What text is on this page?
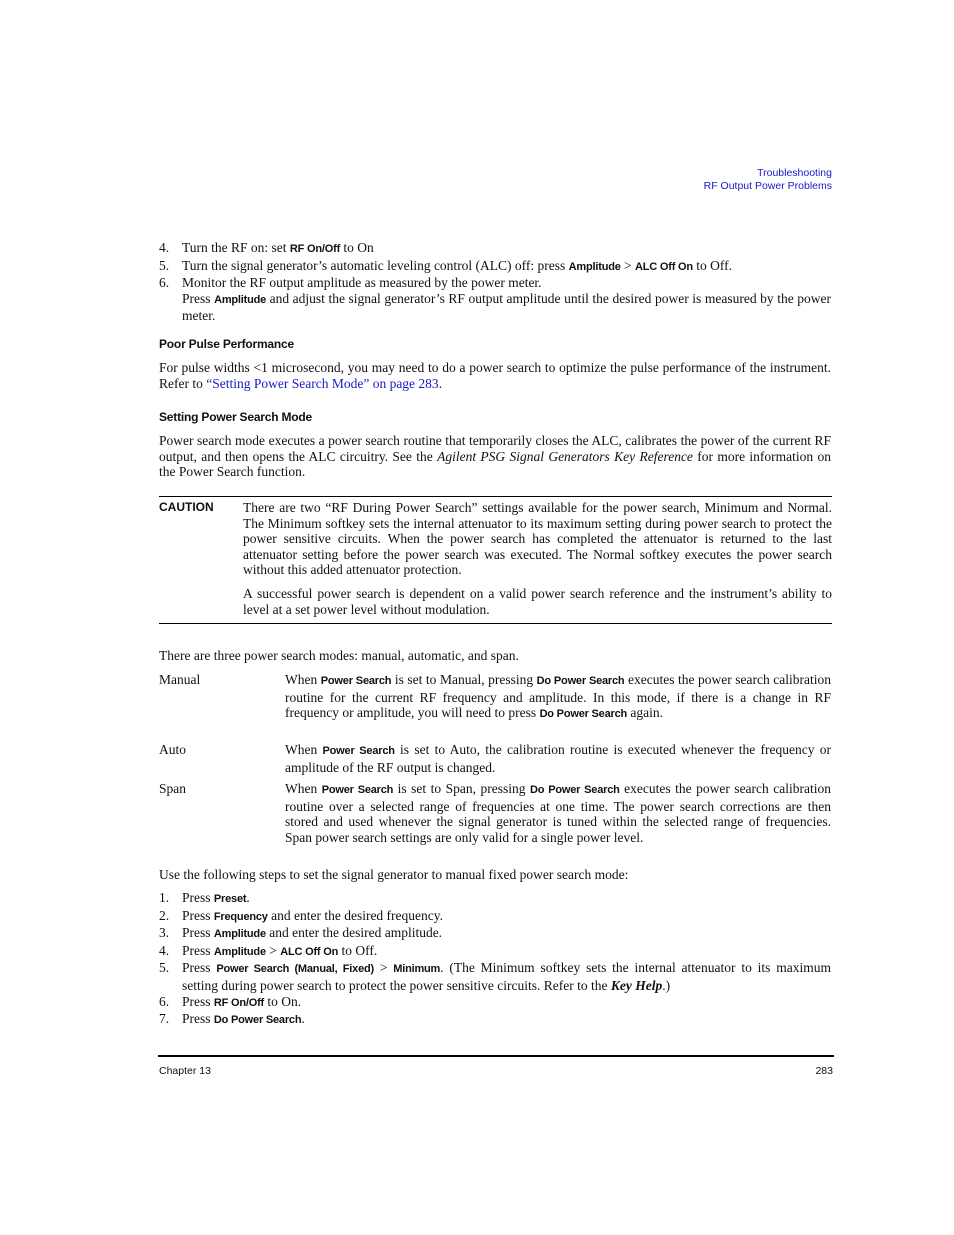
Troubleshooting
RF Output Power Problems
4. Turn the RF on: set RF On/Off to On
5. Turn the signal generator’s automatic leveling control (ALC) off: press Amplitude > ALC Off On to Off.
6. Monitor the RF output amplitude as measured by the power meter.
Press Amplitude and adjust the signal generator’s RF output amplitude until the desired power is measured by the power meter.
Poor Pulse Performance
For pulse widths <1 microsecond, you may need to do a power search to optimize the pulse performance of the instrument. Refer to “Setting Power Search Mode” on page 283.
Setting Power Search Mode
Power search mode executes a power search routine that temporarily closes the ALC, calibrates the power of the current RF output, and then opens the ALC circuitry. See the Agilent PSG Signal Generators Key Reference for more information on the Power Search function.
CAUTION There are two “RF During Power Search” settings available for the power search, Minimum and Normal. The Minimum softkey sets the internal attenuator to its maximum setting during power search to protect the power sensitive circuits. When the power search has completed the attenuator is returned to the last attenuator setting before the power search was executed. The Normal softkey executes the power search without this added attenuator protection.

A successful power search is dependent on a valid power search reference and the instrument’s ability to level at a set power level without modulation.

There are three power search modes: manual, automatic, and span.
Manual	When Power Search is set to Manual, pressing Do Power Search executes the power search calibration routine for the current RF frequency and amplitude. In this mode, if there is a change in RF frequency or amplitude, you will need to press Do Power Search again.
Auto	When Power Search is set to Auto, the calibration routine is executed whenever the frequency or amplitude of the RF output is changed.
Span	When Power Search is set to Span, pressing Do Power Search executes the power search calibration routine over a selected range of frequencies at one time. The power search corrections are then stored and used whenever the signal generator is tuned within the selected range of frequencies. Span power search settings are only valid for a single power level.
Use the following steps to set the signal generator to manual fixed power search mode:
1. Press Preset.
2. Press Frequency and enter the desired frequency.
3. Press Amplitude and enter the desired amplitude.
4. Press Amplitude > ALC Off On to Off.
5. Press Power Search (Manual, Fixed) > Minimum. (The Minimum softkey sets the internal attenuator to its maximum setting during power search to protect the power sensitive circuits. Refer to the Key Help.)
6. Press RF On/Off to On.
7. Press Do Power Search.
Chapter 13	283
